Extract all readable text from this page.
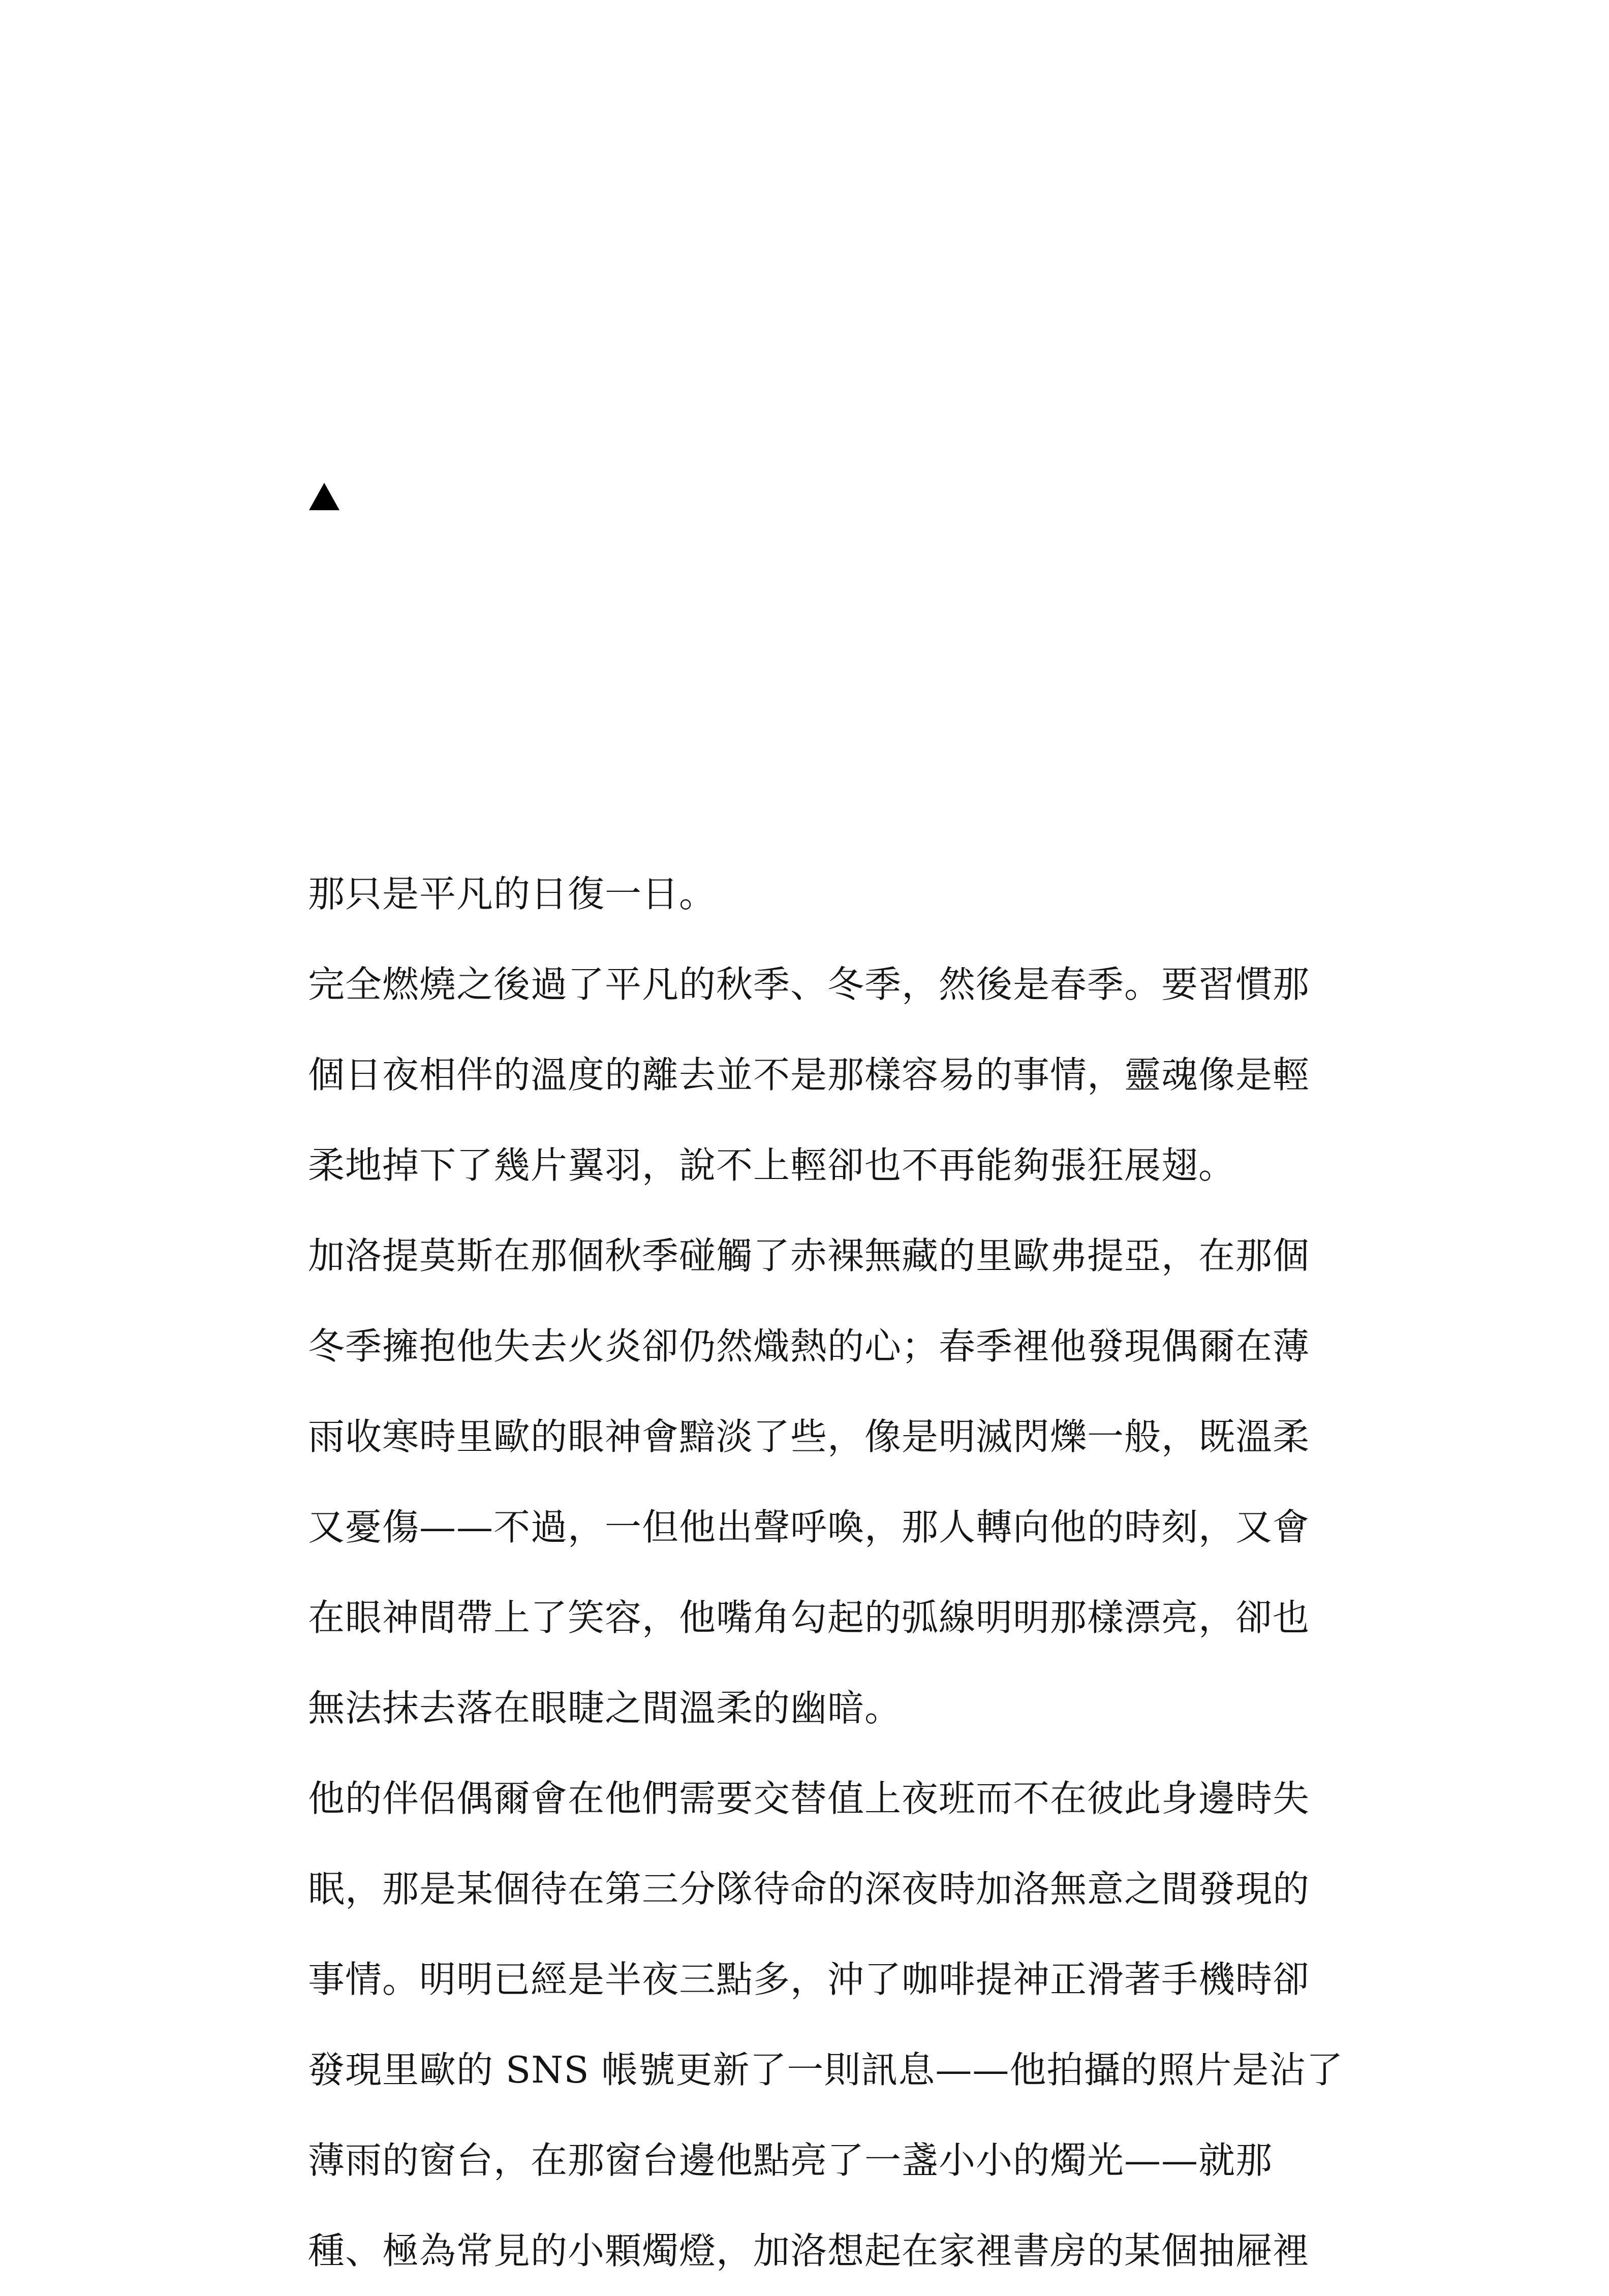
那只是平凡的日復一日。
完全燃燒之後過了平凡的秋季、冬季，然後是春季。要習慣那
個日夜相伴的溫度的離去並不是那樣容易的事情，靈魂像是輕
柔地掉下了幾片翼羽，說不上輕卻也不再能夠張狂展翅。
加洛提莫斯在那個秋季碰觸了赤裸無藏的里歐弗提亞，在那個
冬季擁抱他失去火炎卻仍然熾熱的心；春季裡他發現偶爾在薄
雨收寒時里歐的眼神會黯淡了些，像是明滅閃爍一般，既溫柔
又憂傷——不過，一但他出聲呼喚，那人轉向他的時刻，又會
在眼神間帶上了笑容，他嘴角勾起的弧線明明那樣漂亮，卻也
無法抹去落在眼睫之間溫柔的幽暗。
他的伴侶偶爾會在他們需要交替值上夜班而不在彼此身邊時失
眠，那是某個待在第三分隊待命的深夜時加洛無意之間發現的
事情。明明已經是半夜三點多，沖了咖啡提神正滑著手機時卻
發現里歐的 SNS 帳號更新了一則訊息——他拍攝的照片是沾了
薄雨的窗台，在那窗台邊他點亮了一盞小小的燭光——就那
種、極為常見的小顆燭燈，加洛想起在家裡書房的某個抽屜裡
